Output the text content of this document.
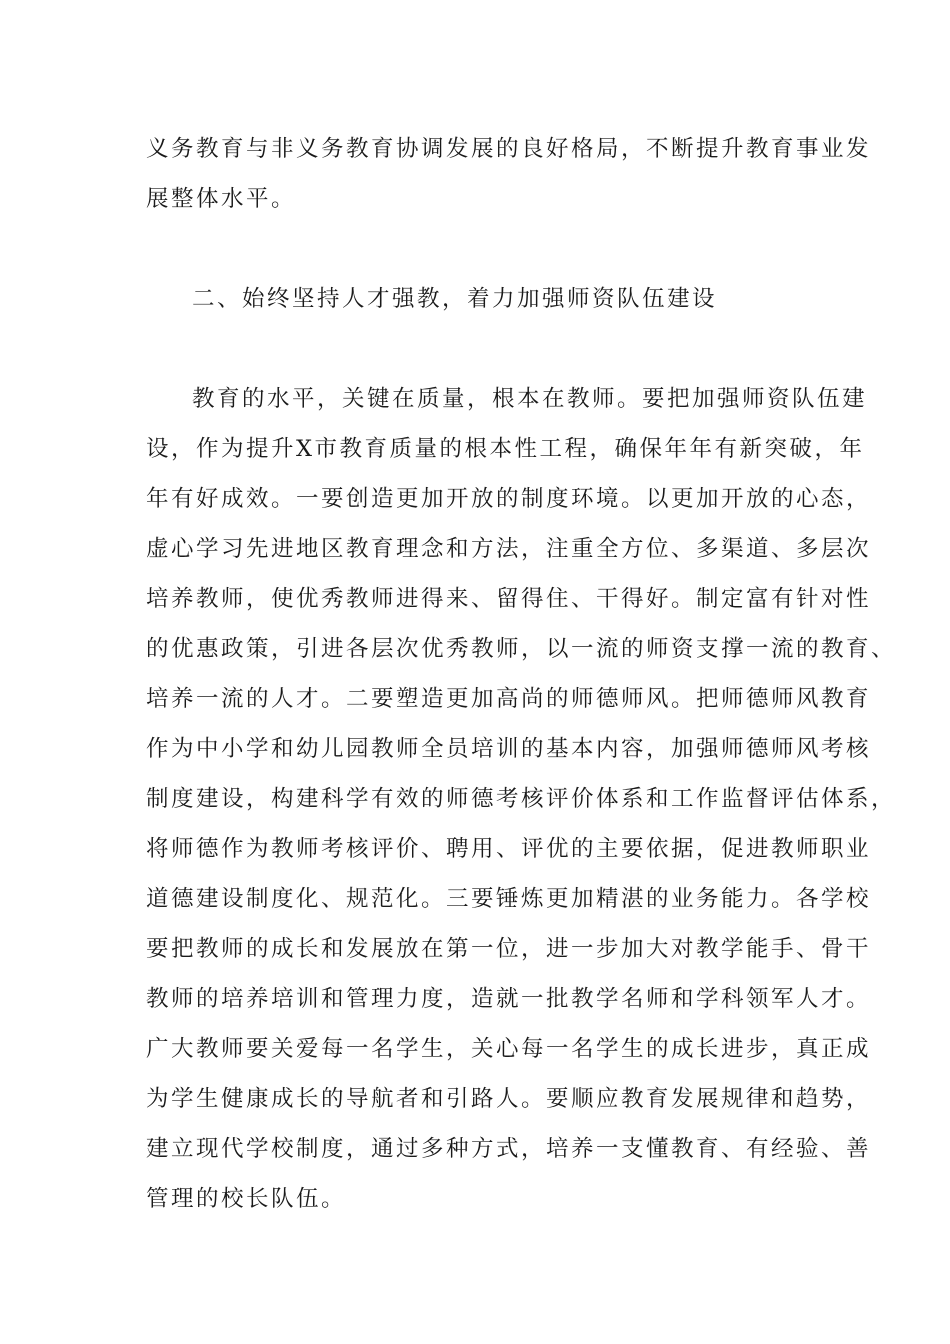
义务教育与非义务教育协调发展的良好格局，不断提升教育事业发
展整体水平。
二、始终坚持人才强教，着力加强师资队伍建设
教育的水平，关键在质量，根本在教师。要把加强师资队伍建
设，作为提升X市教育质量的根本性工程，确保年年有新突破，年
年有好成效。一要创造更加开放的制度环境。以更加开放的心态，
虚心学习先进地区教育理念和方法，注重全方位、多渠道、多层次
培养教师，使优秀教师进得来、留得住、干得好。制定富有针对性
的优惠政策，引进各层次优秀教师，以一流的师资支撑一流的教育、
培养一流的人才。二要塑造更加高尚的师德师风。把师德师风教育
作为中小学和幼儿园教师全员培训的基本内容，加强师德师风考核
制度建设，构建科学有效的师德考核评价体系和工作监督评估体系，
将师德作为教师考核评价、聘用、评优的主要依据，促进教师职业
道德建设制度化、规范化。三要锤炼更加精湛的业务能力。各学校
要把教师的成长和发展放在第一位，进一步加大对教学能手、骨干
教师的培养培训和管理力度，造就一批教学名师和学科领军人才。
广大教师要关爱每一名学生，关心每一名学生的成长进步，真正成
为学生健康成长的导航者和引路人。要顺应教育发展规律和趋势，
建立现代学校制度，通过多种方式，培养一支懂教育、有经验、善
管理的校长队伍。
